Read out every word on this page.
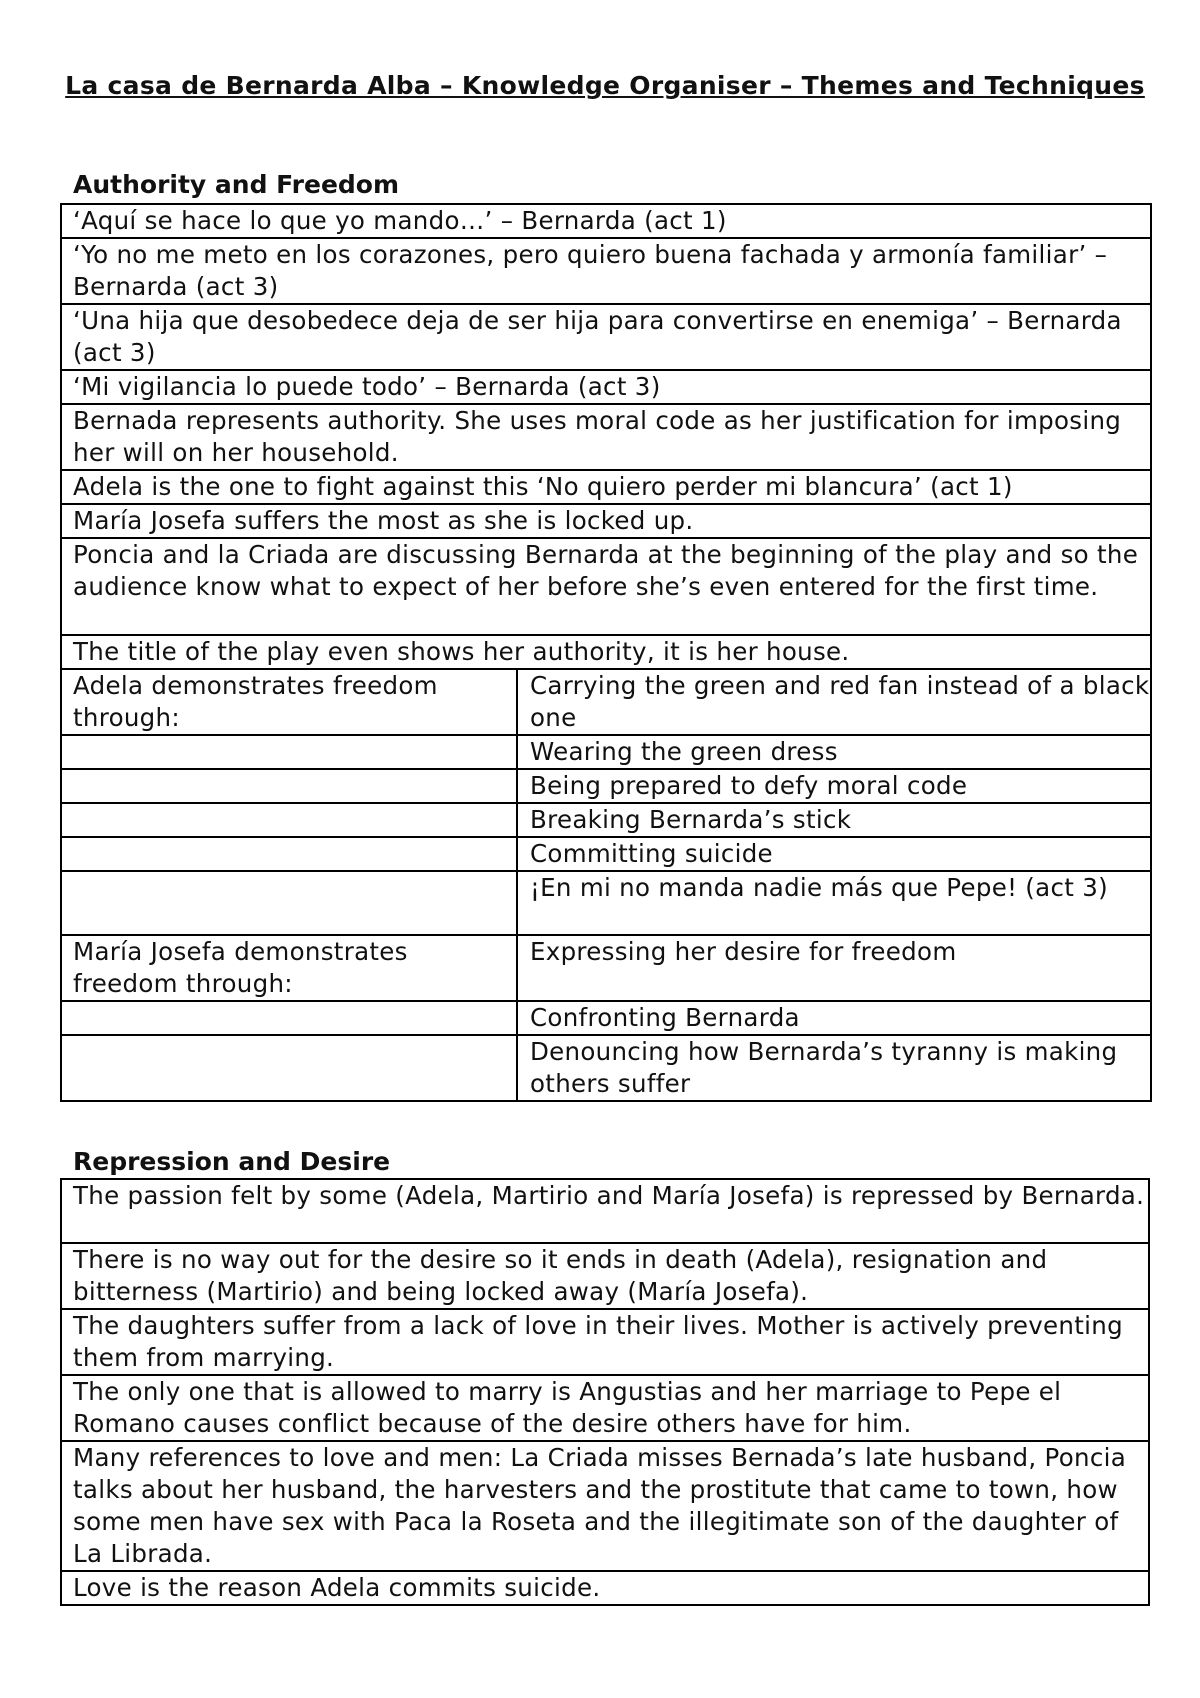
La casa de Bernarda Alba – Knowledge Organiser – Themes and Techniques
Authority and Freedom
‘Aquí se hace lo que yo mando…’ – Bernarda (act 1)	
‘Yo no me meto en los corazones, pero quiero buena fachada y armonía familiar’ – Bernarda (act 3)	
‘Una hija que desobedece deja de ser hija para convertirse en enemiga’ – Bernarda (act 3)	
‘Mi vigilancia lo puede todo’ – Bernarda (act 3)	
Bernada represents authority. She uses moral code as her justification for imposing her will on her household.	
Adela is the one to fight against this ‘No quiero perder mi blancura’ (act 1)	
María Josefa suffers the most as she is locked up.	
Poncia and la Criada are discussing Bernarda at the beginning of the play and so the audience know what to expect of her before she’s even entered for the first time.	
The title of the play even shows her authority, it is her house.	
Adela demonstrates freedom through:	Carrying the green and red fan instead of a black one
	Wearing the green dress
	Being prepared to defy moral code
	Breaking Bernarda’s stick
	Committing suicide
	¡En mi no manda nadie más que Pepe! (act 3)
María Josefa demonstrates freedom through:	Expressing her desire for freedom
	Confronting Bernarda
	Denouncing how Bernarda’s tyranny is making others suffer
Repression and Desire
The passion felt by some (Adela, Martirio and María Josefa) is repressed by Bernarda.
There is no way out for the desire so it ends in death (Adela), resignation and bitterness (Martirio) and being locked away (María Josefa).
The daughters suffer from a lack of love in their lives. Mother is actively preventing them from marrying.
The only one that is allowed to marry is Angustias and her marriage to Pepe el Romano causes conflict because of the desire others have for him.
Many references to love and men: La Criada misses Bernada’s late husband, Poncia talks about her husband, the harvesters and the prostitute that came to town, how some men have sex with Paca la Roseta and the illegitimate son of the daughter of La Librada.
Love is the reason Adela commits suicide.
